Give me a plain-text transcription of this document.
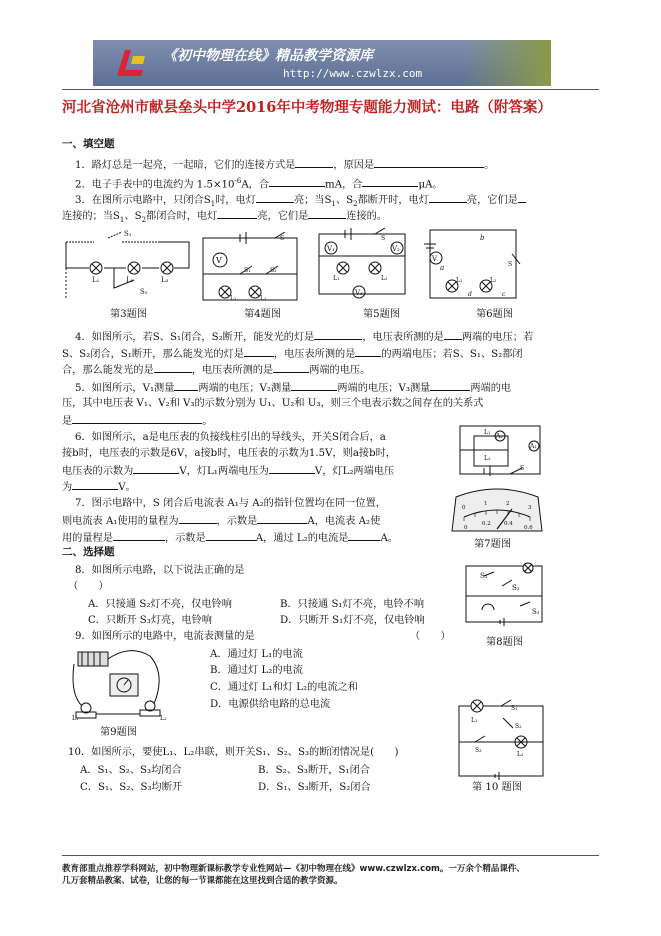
《初中物理在线》精品教学资源库
http://www.czwlzx.com
河北省沧州市献县垒头中学2016年中考物理专题能力测试：电路（附答案）
一、填空题
1．路灯总是一起亮，一起暗，它们的连接方式是	，原因是	。
2．电子手表中的电流约为 $1.5\times 10^{-6}A$，合	mA，合	μA。
3．在图所示电路中，只闭合$S_1$时，电灯	亮；当$S_1$、$S_2$都断开时，电灯	亮，它们是
连接的；当$S_1$、$S_2$都闭合时，电灯	亮，它们是	连接的。
S₁
L₁	L₂	L₃
S₂
V
S₁	S₂
L₁	L₂
S	S
V₁	V₂
L₁	L₂
V₃
b
V
a	S
L₁	L₂
d	c
第3题图	第4题图	第5题图	第6题图
4．如图所示，若S、S₁闭合，S₂断开，能发光的灯是	，电压表所测的是 两端的电压；若
S、S₂闭合，S₁断开，那么能发光的灯是	，电压表所测的是	的两端电压；若S、S₁、S₂都闭
合，那么能发光的是	，电压表所测的是	两端的电压。
5．如图所示，V₁测量 两端的电压；V₂测量	两端的电压；V₃测量	两端的电
压，其中电压表 V₁、V₂和 V₃的示数分别为 U₁、U₂和 U₃，则三个电表示数之间存在的关系式
是	。
6．如图所示，a是电压表的负接线柱引出的导线头，开关S闭合后，a
接b时，电压表的示数是6V，a接b时，电压表的示数为1.5V，则a接b时，
电压表的示数为	V，灯L₁两端电压为	V，灯L₂两端电压
为	V。
L₁
A₂
L₂
A₁
S
7．图示电路中，S 闭合后电流表 A₁与 A₂的指针位置均在同一位置，
则电流表 A₁使用的量程为	，示数是	A，电流表 A₂使
用的量程是	，示数是	A，通过 L₂的电流是	A。
0
1	2
3
0
0.2 0.4
0.6
第7题图
二、选择题
8．如图所示电路，以下说法正确的是
（　　）
A．只接通 S₂灯不亮，仅电铃响	B．只接通 S₁灯不亮，电铃不响
C．只断开 S₃灯亮，电铃响	D．只断开 S₁灯不亮，仅电铃响
S₁
S₂
S₃
第8题图
9．如图所示的电路中，电流表测量的是	（　　）
A．通过灯 L₁的电流
B．通过灯 L₂的电流
C．通过灯 L₁和灯 L₂的电流之和
D．电源供给电路的总电流
L₁	L₂
第9题图
10．如图所示，要使L₁、L₂串联，则开关S₁、S₂、S₃的断闭情况是(　　)
A．S₁、S₂、S₃均闭合	B．S₂、S₃断开，S₁闭合
C．S₁、S₂、S₃均断开	D．S₁、S₃断开，S₂闭合
L₁
S₁
S₂
S₃
L₂
第 10 题图
教育部重点推荐学科网站，初中物理新课标教学专业性网站—《初中物理在线》www.czwlzx.com。一万余个精品课件、
几万套精品教案、试卷，让您的每一节课都能在这里找到合适的教学资源。
